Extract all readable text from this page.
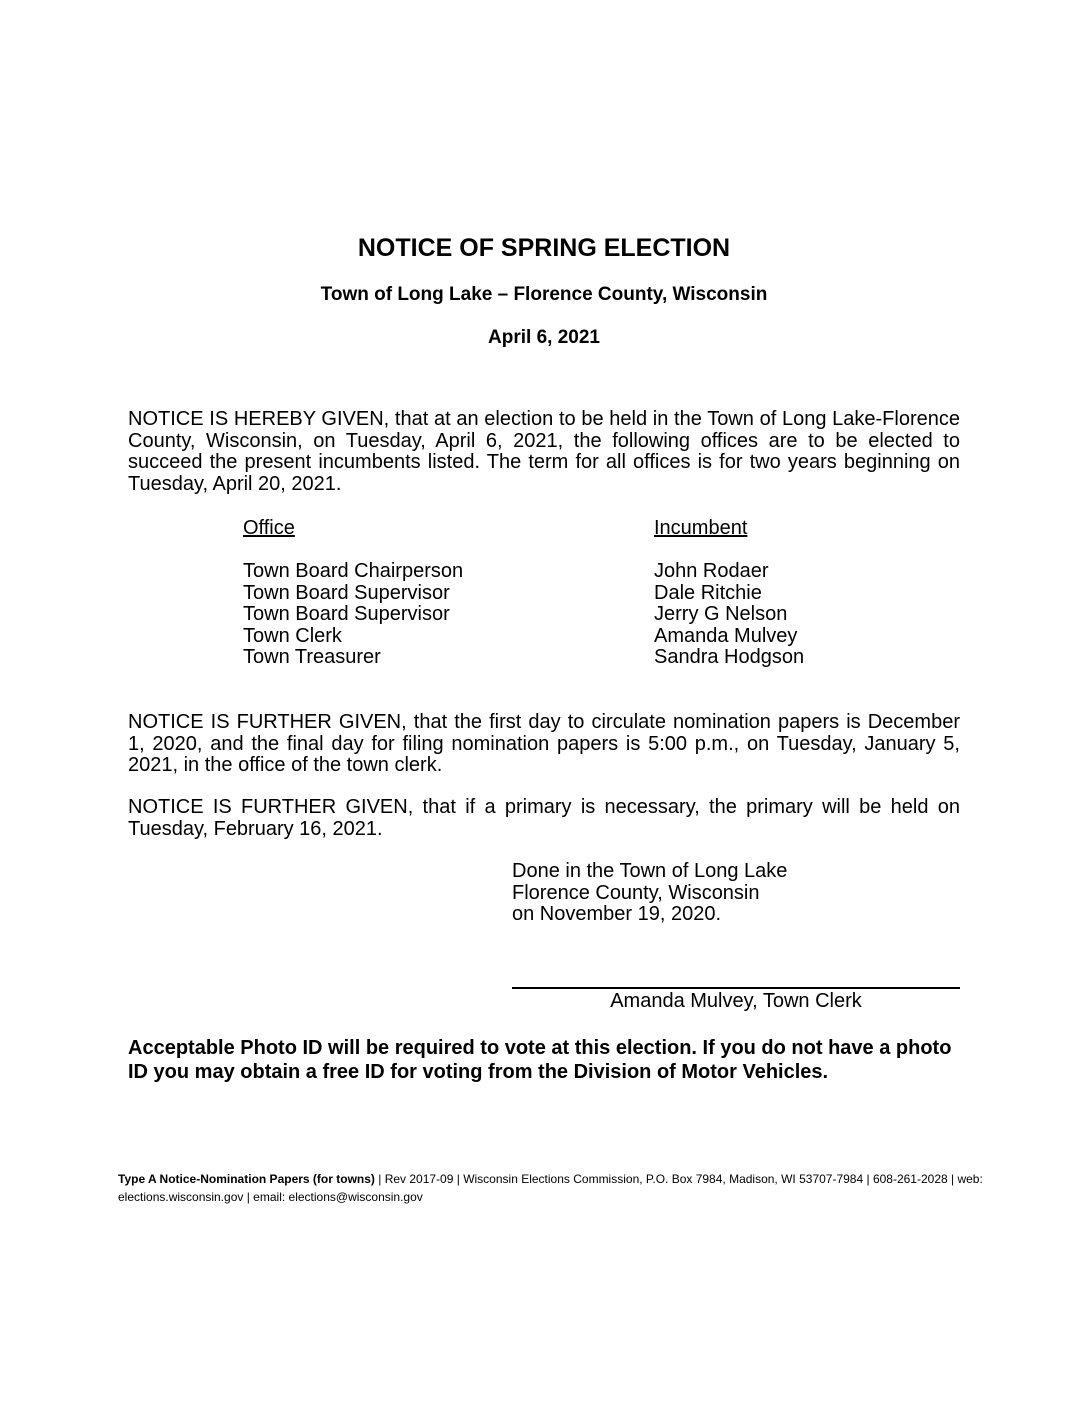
NOTICE OF SPRING ELECTION
Town of Long Lake – Florence County, Wisconsin
April 6, 2021
NOTICE IS HEREBY GIVEN, that at an election to be held in the Town of Long Lake-Florence County, Wisconsin, on Tuesday, April 6, 2021, the following offices are to be elected to succeed the present incumbents listed. The term for all offices is for two years beginning on Tuesday, April 20, 2021.
Office
Town Board Chairperson
Town Board Supervisor
Town Board Supervisor
Town Clerk
Town Treasurer
Incumbent
John Rodaer
Dale Ritchie
Jerry G Nelson
Amanda Mulvey
Sandra Hodgson
NOTICE IS FURTHER GIVEN, that the first day to circulate nomination papers is December 1, 2020, and the final day for filing nomination papers is 5:00 p.m., on Tuesday, January 5, 2021, in the office of the town clerk.
NOTICE IS FURTHER GIVEN, that if a primary is necessary, the primary will be held on Tuesday, February 16, 2021.
Done in the Town of Long Lake
Florence County, Wisconsin
on November 19, 2020.
Amanda Mulvey, Town Clerk
Acceptable Photo ID will be required to vote at this election. If you do not have a photo ID you may obtain a free ID for voting from the Division of Motor Vehicles.
Type A Notice-Nomination Papers (for towns) | Rev 2017-09 | Wisconsin Elections Commission, P.O. Box 7984, Madison, WI 53707-7984 | 608-261-2028 | web: elections.wisconsin.gov | email: elections@wisconsin.gov
